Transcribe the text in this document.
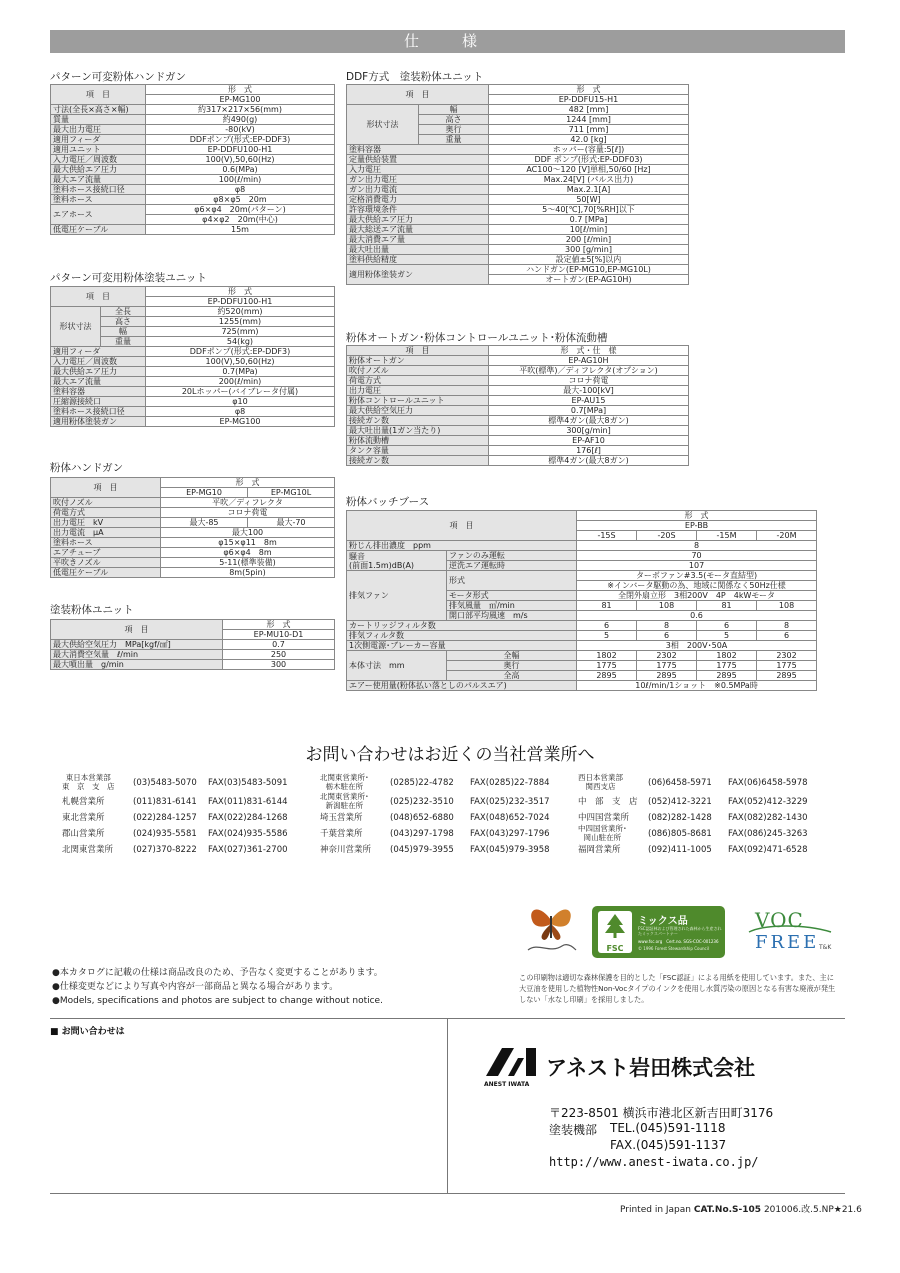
仕　様
パターン可変粉体ハンドガン
項　目	形　式
	EP-MG100
寸法(全長×高さ×幅)	約317×217×56(mm)
質量	約490(g)
最大出力電圧	-80(kV)
適用フィーダ	DDFポンプ(形式:EP-DDF3)
適用ユニット	EP-DDFU100-H1
入力電圧／周波数	100(V),50,60(Hz)
最大供給エア圧力	0.6(MPa)
最大エア流量	100(ℓ/min)
塗料ホース接続口径	φ8
塗料ホース	φ8×φ5　20m
エアホース	φ6×φ4　20m(パターン)
	φ4×φ2　20m(中心)
低電圧ケーブル	15m
パターン可変用粉体塗装ユニット
項　目		形　式
		EP-DDFU100-H1
形状寸法	全長	約520(mm)
	高さ	1255(mm)
	幅	725(mm)
	重量	54(kg)
適用フィーダ		DDFポンプ(形式:EP-DDF3)
入力電圧／周波数		100(V),50,60(Hz)
最大供給エア圧力		0.7(MPa)
最大エア流量		200(ℓ/min)
塗料容器		20Lホッパー(バイブレータ付属)
圧縮源接続口		φ10
塗料ホース接続口径		φ8
適用粉体塗装ガン		EP-MG100
粉体ハンドガン
項　目	形　式	
	EP-MG10	EP-MG10L
吹付ノズル	平吹／ディフレクタ	
荷電方式	コロナ荷電	
出力電圧　kV	最大-85	最大-70
出力電流　μA	最大100	
塗料ホース	φ15×φ11　8m	
エアチューブ	φ6×φ4　8m	
平吹きノズル	5-11(標準装備)	
低電圧ケーブル	8m(5pin)	
塗装粉体ユニット
項　目	形　式
	EP-MU10-D1
最大供給空気圧力　MPa[kgf/㎠]	0.7
最大消費空気量　ℓ/min	250
最大噴出量　g/min	300
DDF方式　塗装粉体ユニット
項　目		形　式
		EP-DDFU15-H1
形状寸法	幅	482 [mm]
	高さ	1244 [mm]
	奥行	711 [mm]
	重量	42.0 [kg]
塗料容器		ホッパー(容量:5[ℓ])
定量供給装置		DDF ポンプ(形式:EP-DDF03)
入力電圧		AC100～120 [V]単相,50/60 [Hz]
ガン出力電圧		Max.24[V] (パルス出力)
ガン出力電流		Max.2.1[A]
定格消費電力		50[W]
許容環境条件		5～40[℃],70[%RH]以下
最大供給エア圧力		0.7 [MPa]
最大総送エア流量		10[ℓ/min]
最大消費エア量		200 [ℓ/min]
最大吐出量		300 [g/min]
塗料供給精度		設定値±5[%]以内
適用粉体塗装ガン		ハンドガン(EP-MG10,EP-MG10L)
		オートガン(EP-AG10H)
粉体オートガン･粉体コントロールユニット･粉体流動槽
項　目	形　式・仕　様
粉体オートガン	EP-AG10H
吹付ノズル	平吹(標準)／ディフレクタ(オプション)
荷電方式	コロナ荷電
出力電圧	最大-100[kV]
粉体コントロールユニット	EP-AU15
最大供給空気圧力	0.7[MPa]
接続ガン数	標準4ガン(最大8ガン)
最大吐出量(1ガン当たり)	300[g/min]
粉体流動槽	EP-AF10
タンク容量	176[ℓ]
接続ガン数	標準4ガン(最大8ガン)
粉体バッチブース
項　目		形　式			
		EP-BB			
		-15S	-20S	-15M	-20M
粉じん排出濃度　ppm		8			
騒音
(前面1.5m)dB(A)	ファンのみ運転	70			
	逆洗エア運転時	107			
排気ファン	形式	ターボファン#3.5(モータ直結型)			
		※インバータ駆動の為、地域に関係なく50Hz仕様			
	モータ形式	全閉外扇立形　3相200V　4P　4kWモータ			
	排気風量　㎥/min	81	108	81	108
	開口部平均風速　m/s	0.6			
カートリッジフィルタ数		6	8	6	8
排気フィルタ数		5	6	5	6
1次側電源･ブレーカー容量		3相　200V･50A			
本体寸法　mm	全幅	1802	2302	1802	2302
	奥行	1775	1775	1775	1775
	全高	2895	2895	2895	2895
エアー使用量(粉体払い落としのパルスエア)		10ℓ/min/1ショット　※0.5MPa時			
お問い合わせはお近くの当社営業所へ
東日本営業部
東　京　支　店 (03)5483-5070 FAX(03)5483-5091
札幌営業所	(011)831-6141 FAX(011)831-6144
東北営業所	(022)284-1257 FAX(022)284-1268
郡山営業所	(024)935-5581 FAX(024)935-5586
北関東営業所 (027)370-8222 FAX(027)361-2700
北関東営業所･
栃木駐在所	(0285)22-4782 FAX(0285)22-7884
北関東営業所･
新潟駐在所	(025)232-3510 FAX(025)232-3517
埼玉営業所	(048)652-6880 FAX(048)652-7024
千葉営業所	(043)297-1798 FAX(043)297-1796
神奈川営業所 (045)979-3955 FAX(045)979-3958
西日本営業部
関西支店	(06)6458-5971 FAX(06)6458-5978
中　部　支　店 (052)412-3221 FAX(052)412-3229
中四国営業所 (082)282-1428 FAX(082)282-1430
中四国営業所･
岡山駐在所	(086)805-8681 FAX(086)245-3263
福岡営業所	(092)411-1005 FAX(092)471-6528
FSC
ミックス品
FSC認証林および管理された森林から生産されたミックスパートナー
www.fsc.org　Cert.no. SGS-COC-001236
© 1996 Forest Stewardship Council
VOC
FREE T&K
●本カタログに記載の仕様は商品改良のため、予告なく変更することがあります。
●仕様変更などにより写真や内容が一部商品と異なる場合があります。
●Models, specifications and photos are subject to change without notice.
この印刷物は適切な森林保護を目的とした「FSC認証」による用紙を使用しています。また、主に大豆油を使用した植物性Non-Vocタイプのインクを使用し水質汚染の原因となる有害な廃液が発生しない「水なし印刷」を採用しました。
■ お問い合わせは
ANEST IWATA
アネスト岩田株式会社
〒223-8501 横浜市港北区新吉田町3176
塗装機部 TEL.(045)591-1118
FAX.(045)591-1137
http://www.anest-iwata.co.jp/
Printed in Japan CAT.No.S-105 201006.改.5.NP★21.6
